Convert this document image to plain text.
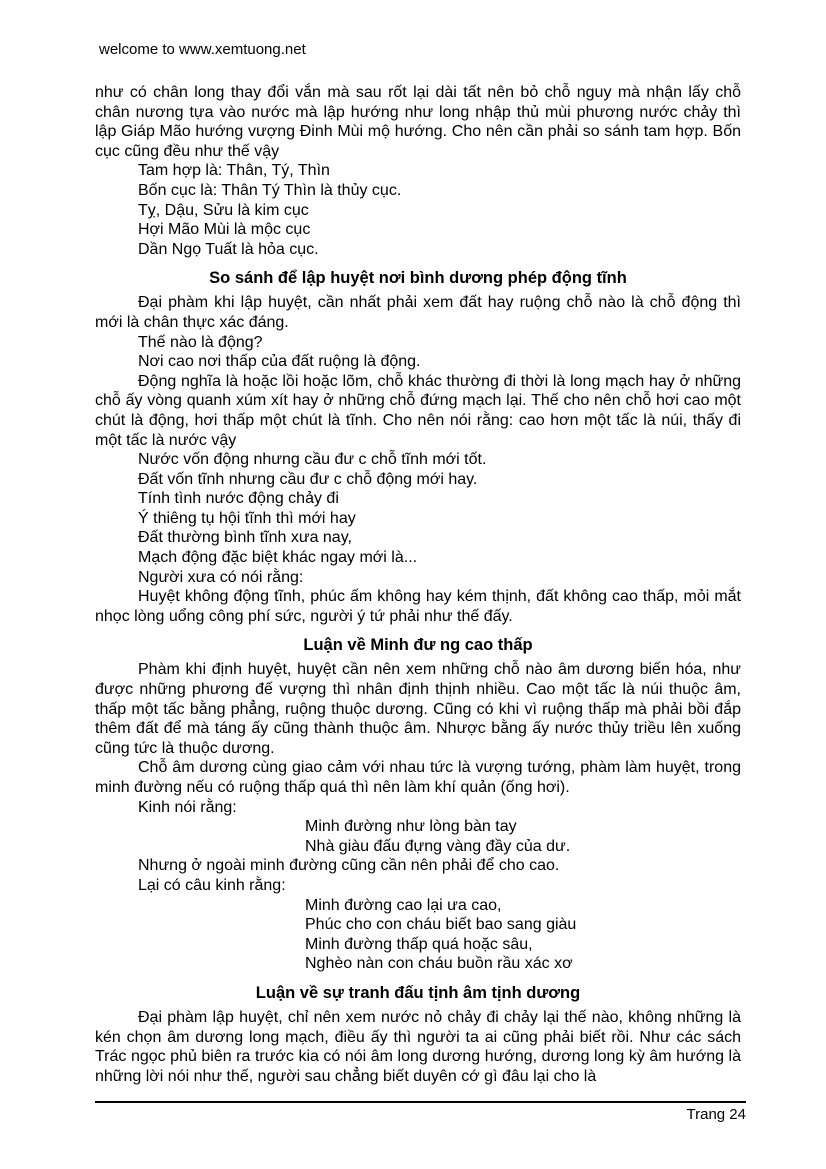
welcome to www.xemtuong.net

như có chân long thay đổi vắn mà sau rốt lại dài tất nên bỏ chỗ nguy mà nhận lấy chỗ chân nương tựa vào nước mà lập hướng như long nhập thủ mùi phương nước chảy thì lập Giáp Mão hướng vượng Đinh Mùi mộ hướng. Cho nên cần phải so sánh tam hợp. Bốn cục cũng đều như thế vậy

Tam hợp là: Thân, Tý, Thìn
Bốn cục là: Thân Tý Thìn là thủy cục.
Tỵ, Dậu, Sửu là kim cục
Hợi Mão Mùi là mộc cục
Dần Ngọ Tuất là hỏa cục.
So sánh để lập huyệt nơi bình dương phép động tĩnh

Đại phàm khi lập huyệt, cần nhất phải xem đất hay ruộng chỗ nào là chỗ động thì mới là chân thực xác đáng.

Thế nào là động?
Nơi cao nơi thấp của đất ruộng là động.

Động nghĩa là hoặc lồi hoặc lõm, chỗ khác thường đi thời là long mạch hay ở những chỗ ấy vòng quanh xúm xít hay ở những chỗ đứng mạch lại. Thế cho nên chỗ hơi cao một chút là động, hơi thấp một chút là tĩnh. Cho nên nói rằng: cao hơn một tấc là núi, thấy đi một tấc là nước vậy

Nước vốn động nhưng cầu đư c chỗ tĩnh mới tốt.
Đất vốn tĩnh nhưng cầu đư c chỗ động mới hay.
Tính tình nước động chảy đi
Ý thiêng tụ hội tĩnh thì mới hay
Đất thường bình tĩnh xưa nay,
Mạch động đặc biệt khác ngay mới là...
Người xưa có nói rằng:

Huyệt không động tĩnh, phúc ấm không hay kém thịnh, đất không cao thấp, mỏi mắt nhọc lòng uổng công phí sức, người ý tứ phải như thế đấy.

Luận về Minh đư ng cao thấp

Phàm khi định huyệt, huyệt cần nên xem những chỗ nào âm dương biến hóa, như được những phương đế vượng thì nhân định thịnh nhiều. Cao một tấc là núi thuộc âm, thấp một tấc bằng phẳng, ruộng thuộc dương. Cũng có khi vì ruộng thấp mà phải bồi đắp thêm đất để mà táng ấy cũng thành thuộc âm. Nhược bằng ấy nước thủy triều lên xuống cũng tức là thuộc dương.

Chỗ âm dương cùng giao cảm với nhau tức là vượng tướng, phàm làm huyệt, trong minh đường nếu có ruộng thấp quá thì nên làm khí quản (ống hơi).

Kinh nói rằng:
Minh đường như lòng bàn tay
Nhà giàu đấu đựng vàng đầy của dư.
Nhưng ở ngoài minh đường cũng cần nên phải để cho cao.
Lại có câu kinh rằng:
Minh đường cao lại ưa cao,
Phúc cho con cháu biết bao sang giàu
Minh đường thấp quá hoặc sâu,
Nghèo nàn con cháu buồn rầu xác xơ
Luận về sự tranh đấu tịnh âm tịnh dương

Đại phàm lập huyệt, chỉ nên xem nước nỏ chảy đi chảy lại thế nào, không những là kén chọn âm dương long mạch, điều ấy thì người ta ai cũng phải biết rồi. Như các sách Trác ngọc phủ biên ra trước kia có nói âm long dương hướng, dương long kỳ âm hướng là những lời nói như thế, người sau chẳng biết duyên cớ gì đâu lại cho là

Trang 24
